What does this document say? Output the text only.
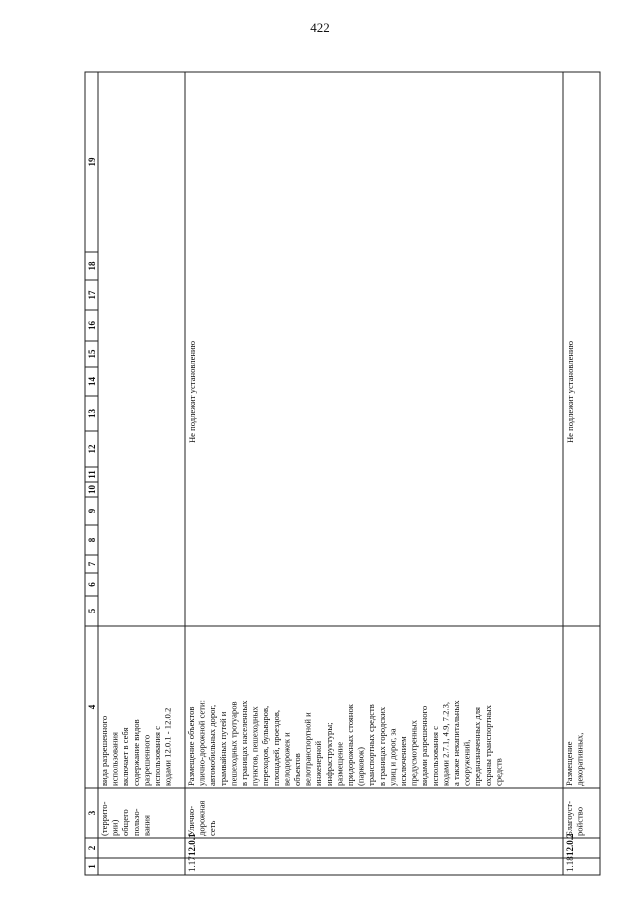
422
1
2
3
4
5
6
7
8
9
10
11
12
13
14
15
16
17
18
19
(террито- рии) общего пользо- вания
вида разрешенного использования включает в себя содержание видов разрешенного использования с кодами 12.0.1 - 12.0.2
1.17
12.0.1
Улично- дорожная сеть
Размещение объектов улично-дорожной сети: автомобильных дорог, трамвайных путей и пешеходных тротуаров в границах населенных пунктов, пешеходных переходов, бульваров, площадей, проездов, велодорожек и объектов велотранспортной и инженерной инфраструктуры; размещение придорожных стоянок (парковок) транспортных средств в границах городских улиц и дорог, за исключением предусмотренных видами разрешенного использования с кодами 2.7.1, 4.9, 7.2.3, а также некапитальных сооружений, предназначенных для охраны транспортных средств
Не подлежит установлению
1.18
12.0.2
Благоуст- ройство
Размещение декоративных,
Не подлежит установлению
